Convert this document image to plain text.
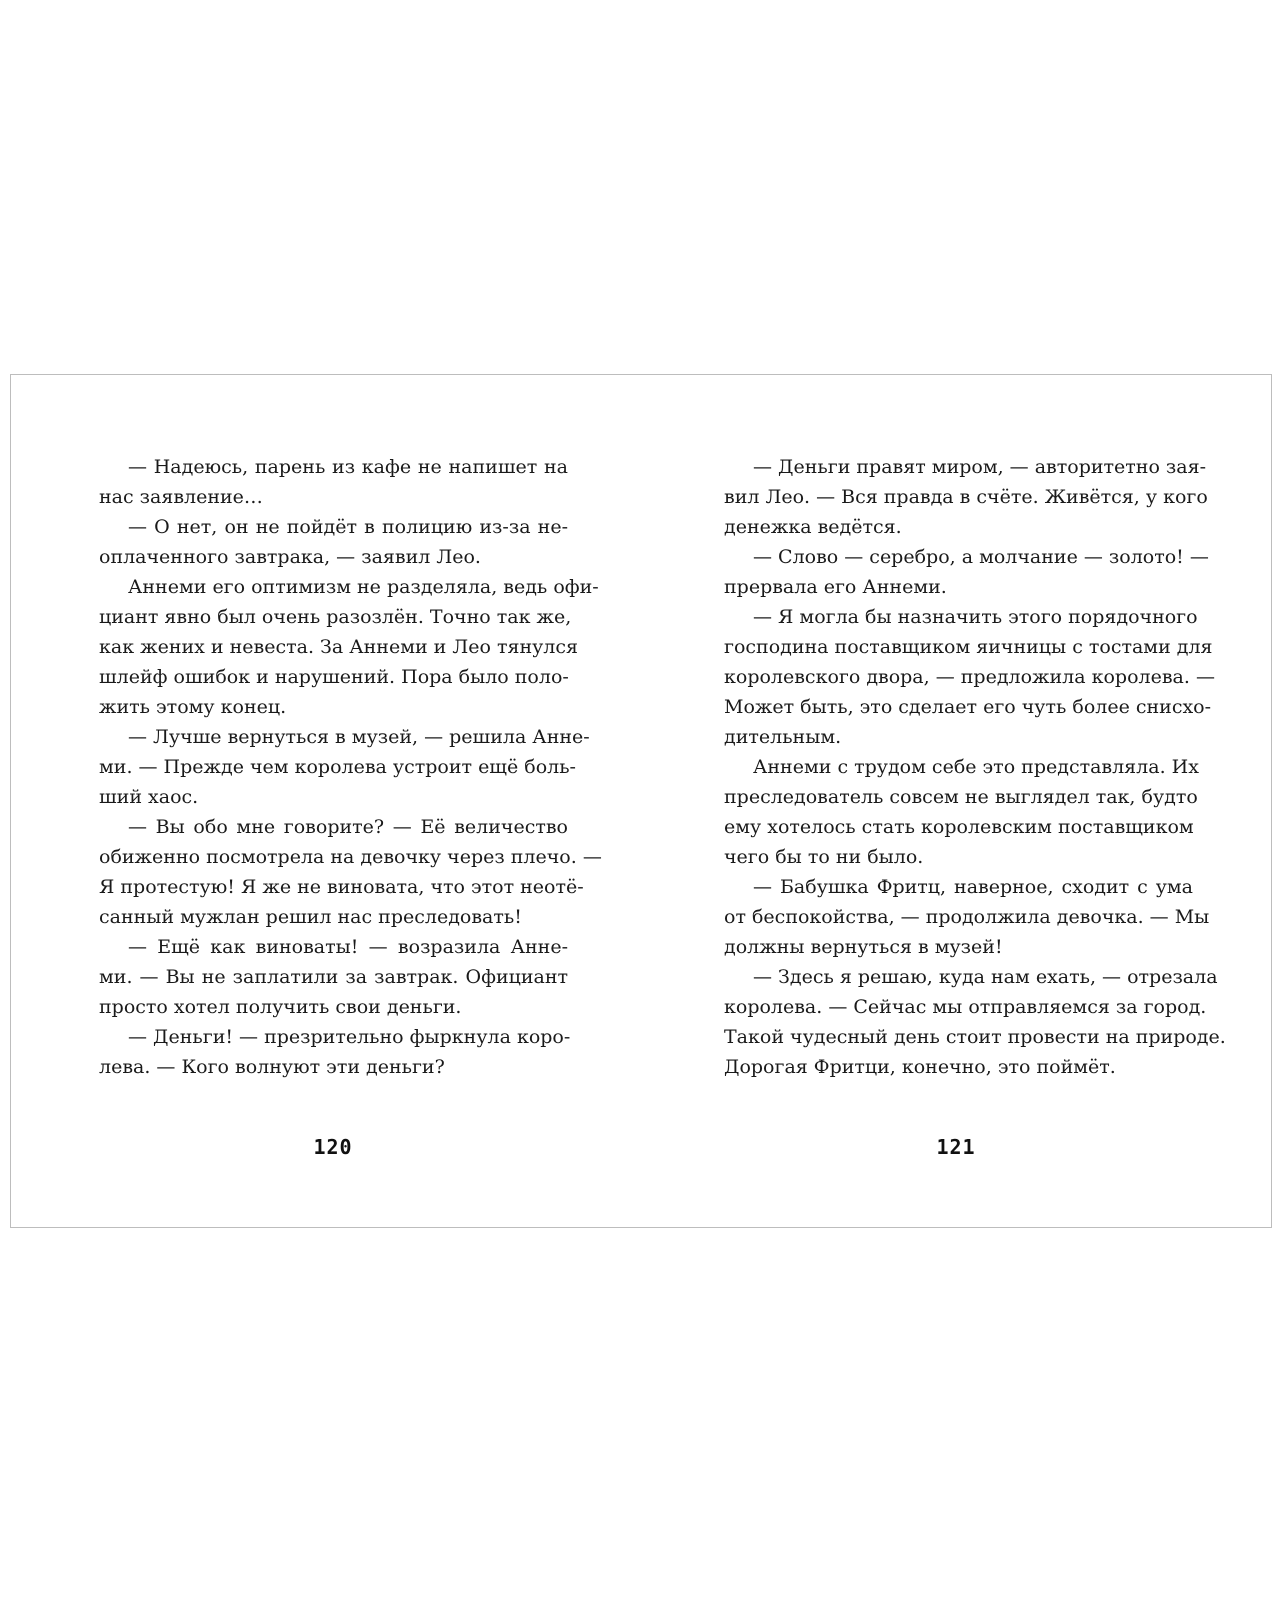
— Надеюсь, парень из кафе не напишет на
нас заявление…
— О нет, он не пойдёт в полицию из-за не-
оплаченного завтрака, — заявил Лео.
Аннеми его оптимизм не разделяла, ведь офи-
циант явно был очень разозлён. Точно так же,
как жених и невеста. За Аннеми и Лео тянулся
шлейф ошибок и нарушений. Пора было поло-
жить этому конец.
— Лучше вернуться в музей, — решила Анне-
ми. — Прежде чем королева устроит ещё боль-
ший хаос.
— Вы обо мне говорите? — Её величество
обиженно посмотрела на девочку через плечо. —
Я протестую! Я же не виновата, что этот неотё-
санный мужлан решил нас преследовать!
— Ещё как виноваты! — возразила Анне-
ми. — Вы не заплатили за завтрак. Официант
просто хотел получить свои деньги.
— Деньги! — презрительно фыркнула коро-
лева. — Кого волнуют эти деньги?
120
— Деньги правят миром, — авторитетно зая-
вил Лео. — Вся правда в счёте. Живётся, у кого
денежка ведётся.
— Слово — серебро, а молчание — золото! —
прервала его Аннеми.
— Я могла бы назначить этого порядочного
господина поставщиком яичницы с тостами для
королевского двора, — предложила королева. —
Может быть, это сделает его чуть более снисхо-
дительным.
Аннеми с трудом себе это представляла. Их
преследователь совсем не выглядел так, будто
ему хотелось стать королевским поставщиком
чего бы то ни было.
— Бабушка Фритц, наверное, сходит с ума
от беспокойства, — продолжила девочка. — Мы
должны вернуться в музей!
— Здесь я решаю, куда нам ехать, — отрезала
королева. — Сейчас мы отправляемся за город.
Такой чудесный день стоит провести на природе.
Дорогая Фритци, конечно, это поймёт.
121
